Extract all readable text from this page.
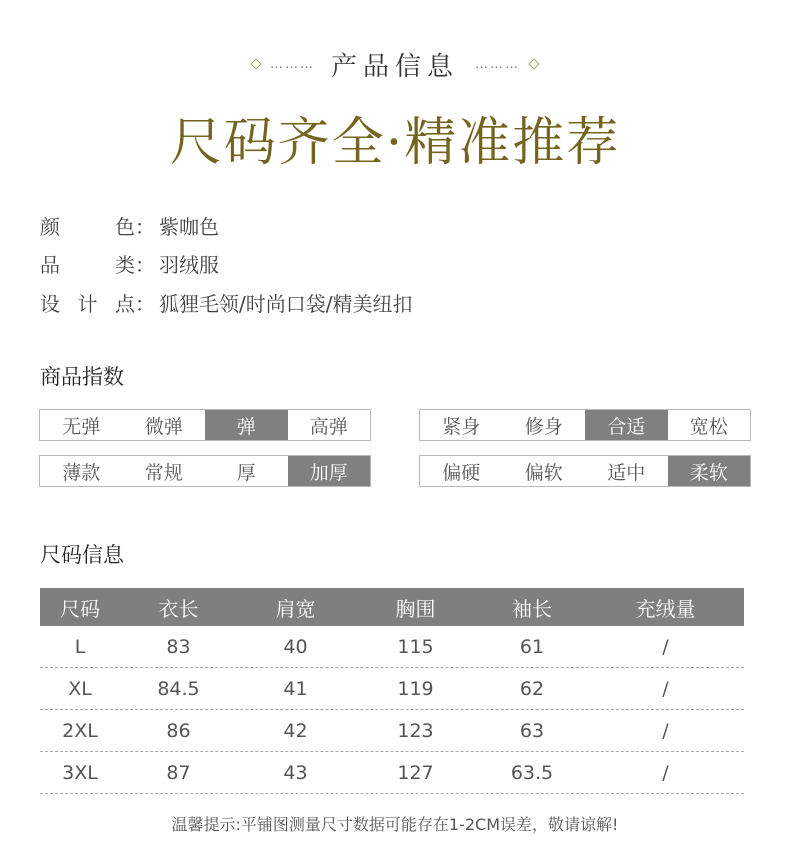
……… 产品信息 ………
尺码齐全·精准推荐
颜	色 ： 紫咖色
品	类 ： 羽绒服
设 计 点 ： 狐狸毛领/时尚口袋/精美纽扣
商品指数
无弹	微弹	弹	高弹	紧身	修身	合适	宽松
薄款	常规	厚	加厚	偏硬	偏软	适中	柔软
尺码信息
尺码	衣长	肩宽	胸围	袖长	充绒量
L	83	40	115	61	/
XL	84.5	41	119	62	/
2XL	86	42	123	63	/
3XL	87	43	127	63.5	/
温馨提示:平铺图测量尺寸数据可能存在1-2CM误差，敬请谅解!
